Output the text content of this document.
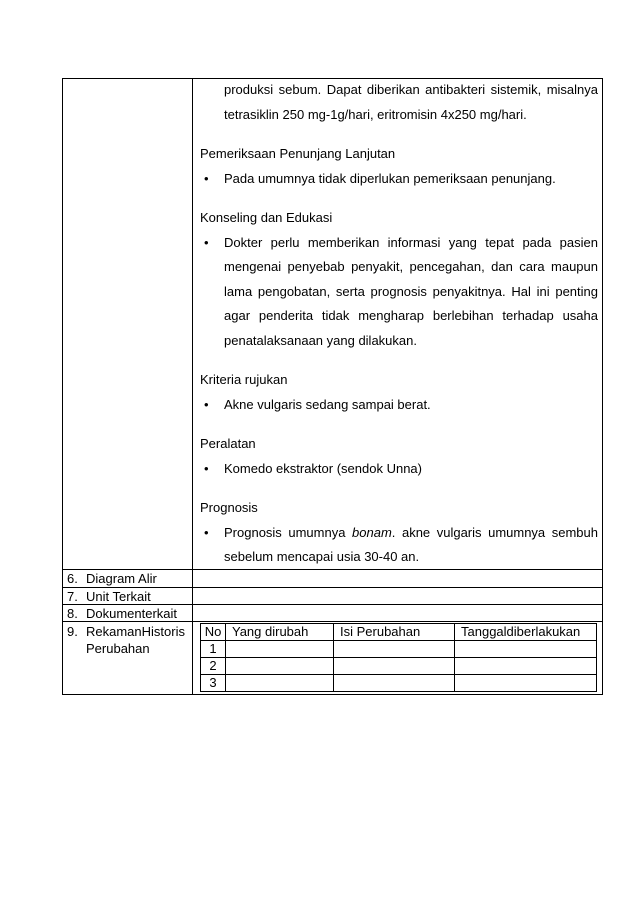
produksi sebum. Dapat diberikan antibakteri sistemik, misalnya
tetrasiklin 250 mg-1g/hari, eritromisin 4x250 mg/hari.
Pemeriksaan Penunjang Lanjutan
• Pada umumnya tidak diperlukan pemeriksaan penunjang.
Konseling dan Edukasi
• Dokter perlu memberikan informasi yang tepat pada pasien
mengenai penyebab penyakit, pencegahan, dan cara maupun
lama pengobatan, serta prognosis penyakitnya. Hal ini penting
agar penderita tidak mengharap berlebihan terhadap usaha
penatalaksanaan yang dilakukan.
Kriteria rujukan
• Akne vulgaris sedang sampai berat.
Peralatan
• Komedo ekstraktor (sendok Unna)
Prognosis
• Prognosis umumnya bonam. akne vulgaris umumnya sembuh
sebelum mencapai usia 30-40 an.
6. Diagram Alir
7. Unit Terkait
8. Dokumenterkait
9. RekamanHistoris
Perubahan
No	Yang dirubah	Isi Perubahan	Tanggaldiberlakukan
1			
2			
3			
